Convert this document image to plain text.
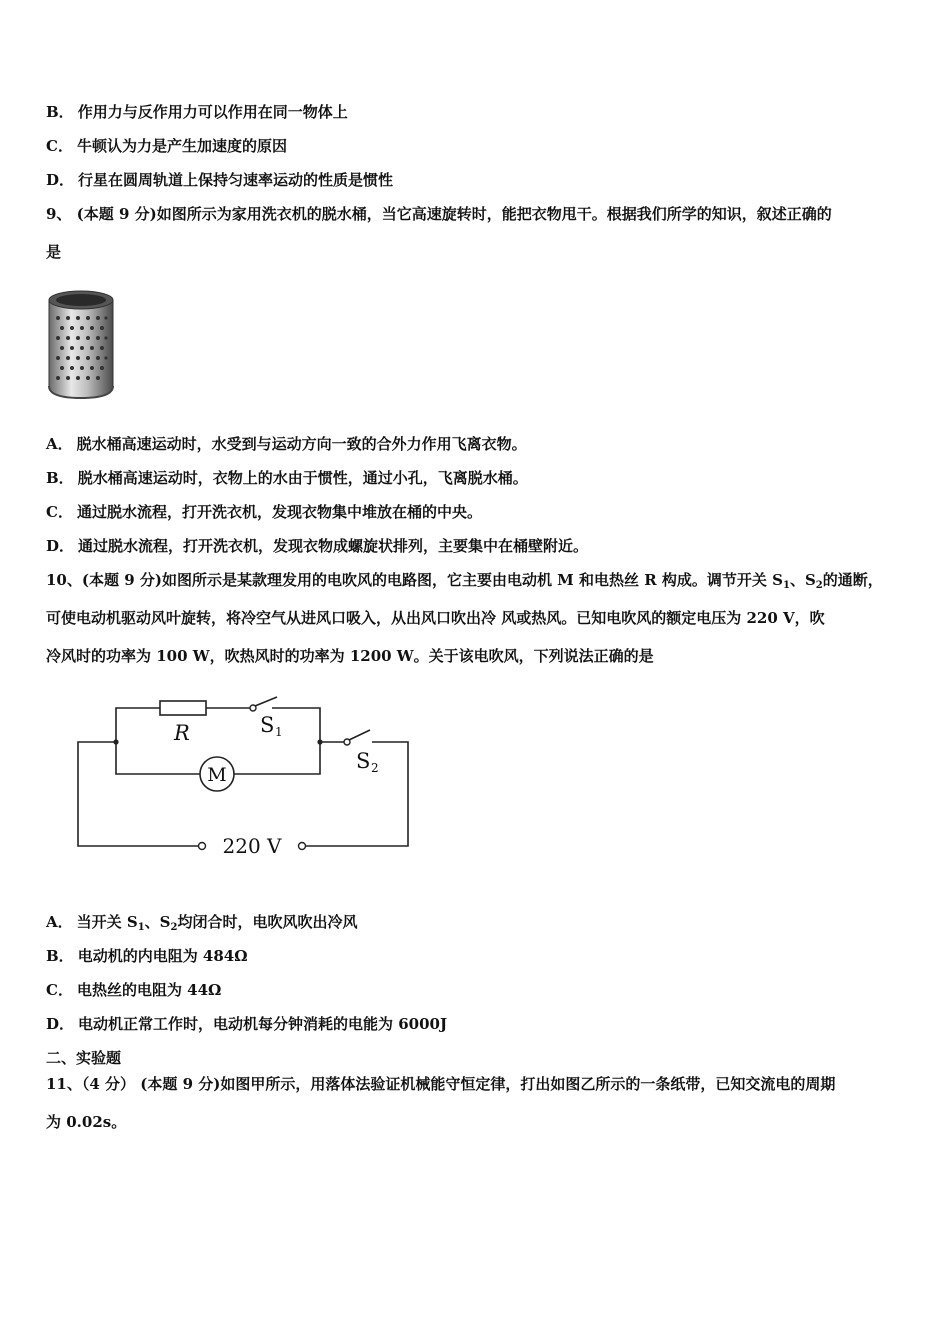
B． 作用力与反作用力可以作用在同一物体上
C． 牛顿认为力是产生加速度的原因
D． 行星在圆周轨道上保持匀速率运动的性质是惯性
9、 (本题 9 分)如图所示为家用洗衣机的脱水桶，当它高速旋转时，能把衣物甩干。根据我们所学的知识，叙述正确的
是
A． 脱水桶高速运动时，水受到与运动方向一致的合外力作用飞离衣物。
B． 脱水桶高速运动时，衣物上的水由于惯性，通过小孔，飞离脱水桶。
C． 通过脱水流程，打开洗衣机，发现衣物集中堆放在桶的中央。
D． 通过脱水流程，打开洗衣机，发现衣物成螺旋状排列，主要集中在桶壁附近。
10、(本题 9 分)如图所示是某款理发用的电吹风的电路图，它主要由电动机 M 和电热丝 R 构成。调节开关 $S_1$、$S_2$的通断，
可使电动机驱动风叶旋转，将冷空气从进风口吸入，从出风口吹出冷 风或热风。已知电吹风的额定电压为 220 V，吹
冷风时的功率为 100 W，吹热风时的功率为 1200 W。关于该电吹风，下列说法正确的是
R	S 1
S 2
M
220 V
A． 当开关 $S_1$、$S_2$均闭合时，电吹风吹出冷风
B． 电动机的内电阻为 484Ω
C． 电热丝的电阻为 44Ω
D． 电动机正常工作时，电动机每分钟消耗的电能为 6000J
二、实验题
11、（4 分） (本题 9 分)如图甲所示，用落体法验证机械能守恒定律，打出如图乙所示的一条纸带，已知交流电的周期
为 0.02s。
